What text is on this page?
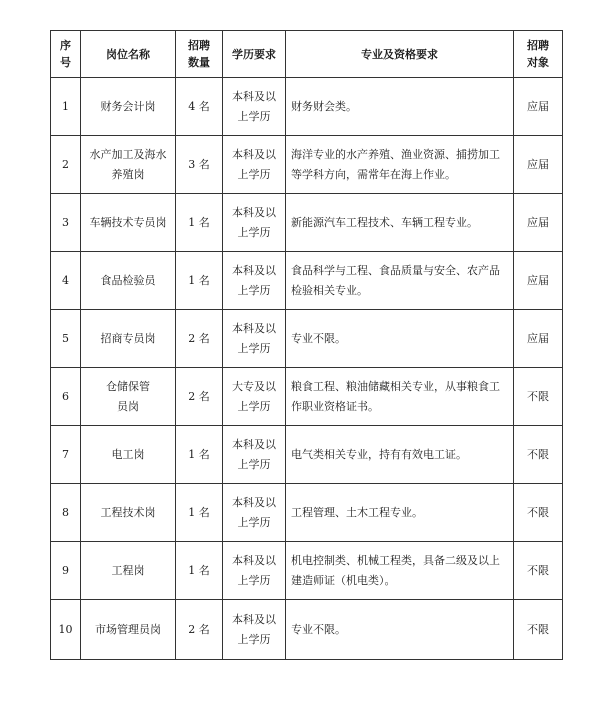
序号	岗位名称	招聘数量	学历要求	专业及资格要求	招聘对象
1	财务会计岗	4 名	本科及以上学历	财务财会类。	应届
2	水产加工及海水养殖岗	3 名	本科及以上学历	海洋专业的水产养殖、渔业资源、捕捞加工等学科方向，需常年在海上作业。	应届
3	车辆技术专员岗	1 名	本科及以上学历	新能源汽车工程技术、车辆工程专业。	应届
4	食品检验员	1 名	本科及以上学历	食品科学与工程、食品质量与安全、农产品检验相关专业。	应届
5	招商专员岗	2 名	本科及以上学历	专业不限。	应届
6	仓储保管员岗	2 名	大专及以上学历	粮食工程、粮油储藏相关专业，从事粮食工作职业资格证书。	不限
7	电工岗	1 名	本科及以上学历	电气类相关专业，持有有效电工证。	不限
8	工程技术岗	1 名	本科及以上学历	工程管理、土木工程专业。	不限
9	工程岗	1 名	本科及以上学历	机电控制类、机械工程类，具备二级及以上建造师证（机电类）。	不限
10	市场管理员岗	2 名	本科及以上学历	专业不限。	不限
